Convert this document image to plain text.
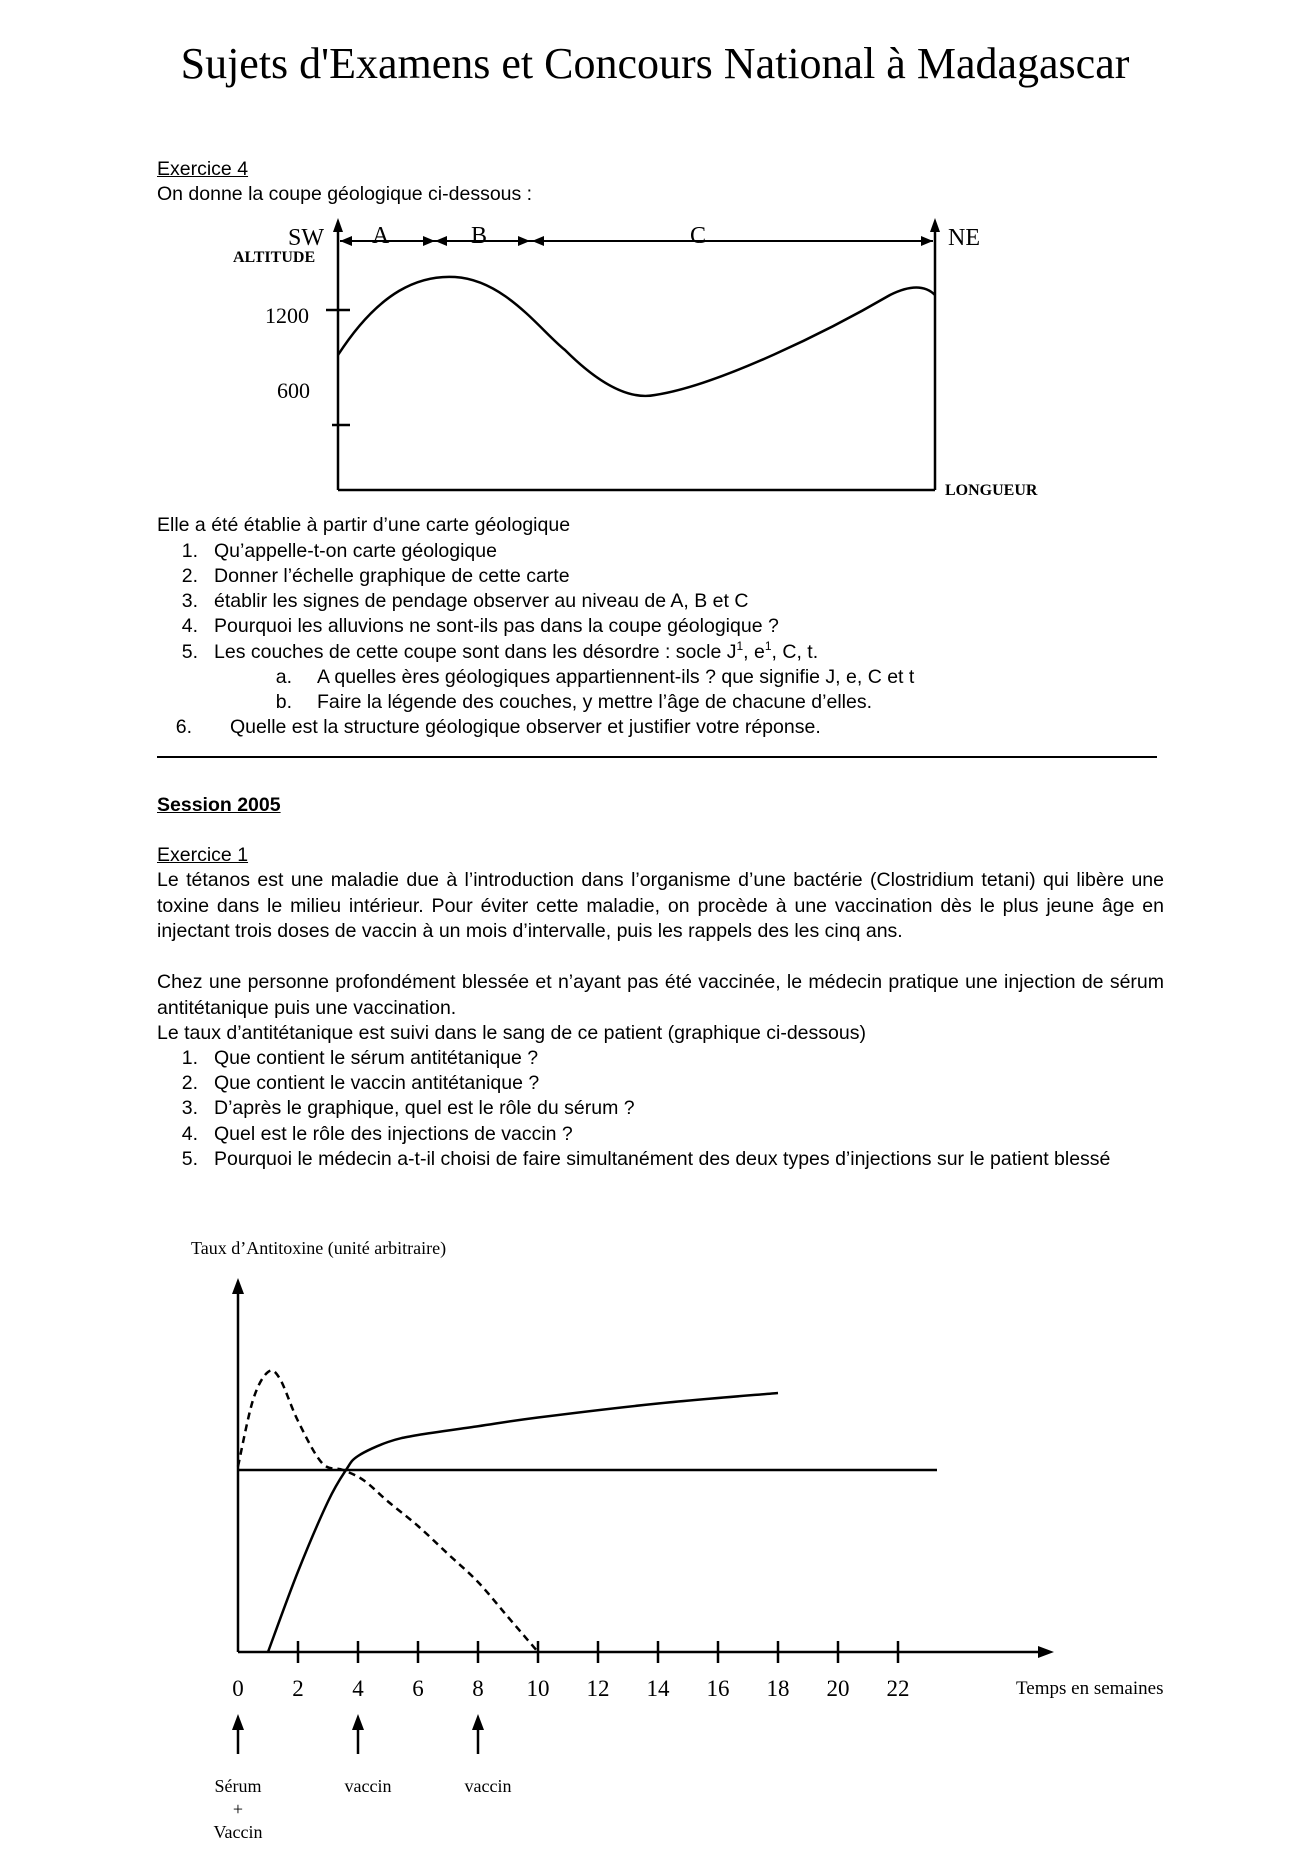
Sujets d'Examens et Concours National à Madagascar
Exercice 4
On donne la coupe géologique ci-dessous :
SW A	B	C	NE
ALTITUDE
1200
600
LONGUEUR
Elle a été établie à partir d’une carte géologique
1. Qu’appelle-t-on carte géologique
2. Donner l’échelle graphique de cette carte
3. établir les signes de pendage observer au niveau de A, B et C
4. Pourquoi les alluvions ne sont-ils pas dans la coupe géologique ?
5. Les couches de cette coupe sont dans les désordre : socle $J^1$, $e^1$, C, t.
a. A quelles ères géologiques appartiennent-ils ? que signifie J, e, C et t
b. Faire la légende des couches, y mettre l’âge de chacune d’elles.
6. Quelle est la structure géologique observer et justifier votre réponse.
Session 2005
Exercice 1
Le tétanos est une maladie due à l’introduction dans l’organisme d’une bactérie (Clostridium tetani) qui libère une toxine dans le milieu intérieur. Pour éviter cette maladie, on procède à une vaccination dès le plus jeune âge en injectant trois doses de vaccin à un mois d’intervalle, puis les rappels des les cinq ans.
Chez une personne profondément blessée et n’ayant pas été vaccinée, le médecin pratique une injection de sérum antitétanique puis une vaccination.
Le taux d’antitétanique est suivi dans le sang de ce patient (graphique ci-dessous)
1. Que contient le sérum antitétanique ?
2. Que contient le vaccin antitétanique ?
3. D’après le graphique, quel est le rôle du sérum ?
4. Quel est le rôle des injections de vaccin ?
5. Pourquoi le médecin a-t-il choisi de faire simultanément des deux types d’injections sur le patient blessé
Taux d’Antitoxine (unité arbitraire)
0 2 4 6 8 10 12 14 16 18 20 22
Sérum
+
Vaccin
vaccin	vaccin
Temps en semaines
